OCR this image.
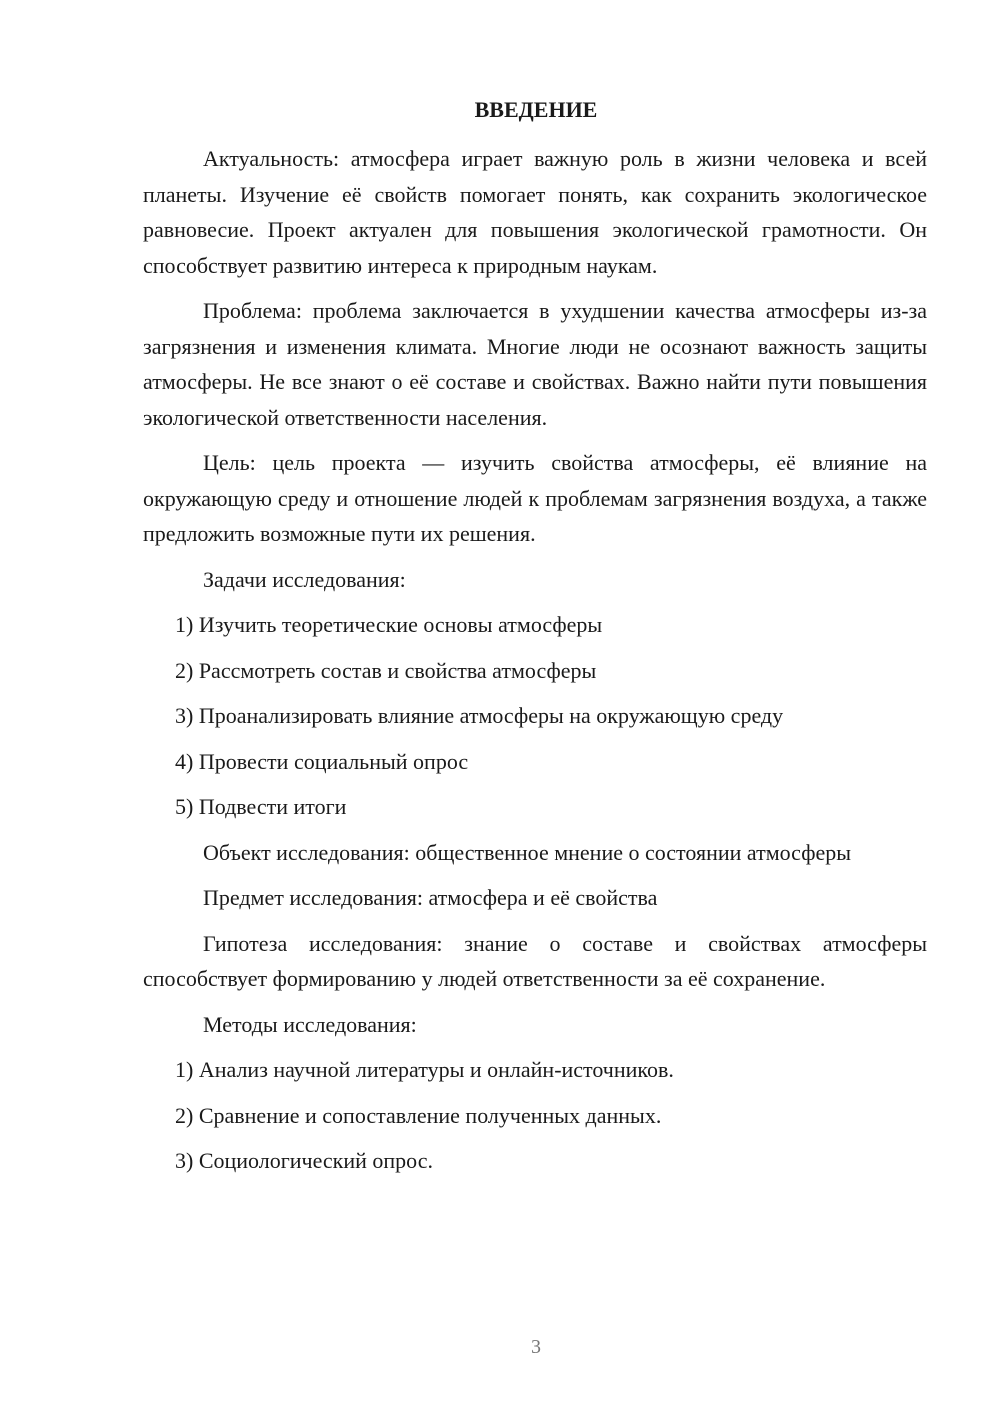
ВВЕДЕНИЕ

Актуальность: атмосфера играет важную роль в жизни человека и всей планеты. Изучение её свойств помогает понять, как сохранить экологическое равновесие. Проект актуален для повышения экологической грамотности. Он способствует развитию интереса к природным наукам.

Проблема: проблема заключается в ухудшении качества атмосферы из-за загрязнения и изменения климата. Многие люди не осознают важность защиты атмосферы. Не все знают о её составе и свойствах. Важно найти пути повышения экологической ответственности населения.

Цель: цель проекта — изучить свойства атмосферы, её влияние на окружающую среду и отношение людей к проблемам загрязнения воздуха, а также предложить возможные пути их решения.

Задачи исследования:

1) Изучить теоретические основы атмосферы
2) Рассмотреть состав и свойства атмосферы
3) Проанализировать влияние атмосферы на окружающую среду
4) Провести социальный опрос
5) Подвести итоги

Объект исследования: общественное мнение о состоянии атмосферы

Предмет исследования: атмосфера и её свойства

Гипотеза исследования: знание о составе и свойствах атмосферы способствует формированию у людей ответственности за её сохранение.

Методы исследования:

1) Анализ научной литературы и онлайн-источников.
2) Сравнение и сопоставление полученных данных.
3) Социологический опрос.
3
